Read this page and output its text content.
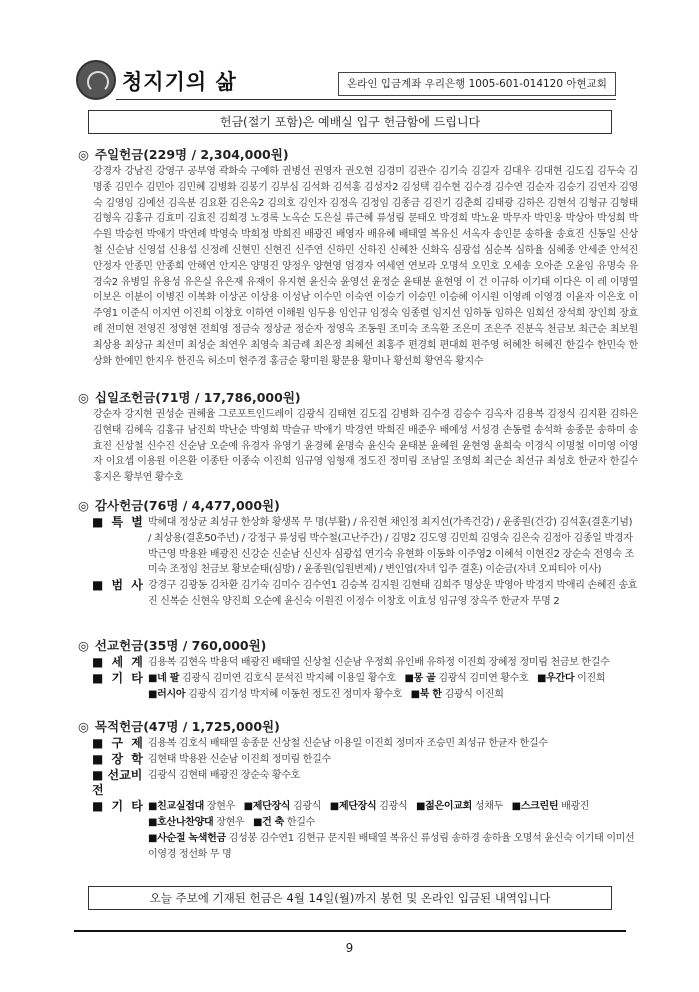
청지기의 삶	온라인 입금계좌 우리은행 1005-601-014120 아현교회
헌금(절기 포함)은 예배실 입구 헌금함에 드립니다
◎ 주일헌금(229명 / 2,304,000원)
강경자 강남진 강영구 공부영 곽화숙 구예하 권병선 권영자 권오현 김경미 김관수 김기숙 김길자 김대우 김대현 김도집 김두숙 김명종 김민수 김민아 김민혜 김병화 김봉기 김부심 김석화 김석홍 김성자2 김성택 김수현 김수경 김수연 김순자 김승기 김연자 김영숙 김영임 김예선 김옥분 김요환 김은옥2 김의호 김인자 김정옥 김정임 김종금 김진기 김춘희 김태광 김하은 김현석 김형규 김형태 김형옥 김홍규 김효미 김효진 김희경 노경록 노옥순 도은실 류근혜 류성림 문태오 박경희 박노윤 박무자 박민웅 박상아 박성희 박수원 박승헌 박애기 박연례 박영숙 박희정 박희진 배광진 배영자 배유혜 배태열 복유신 서옥자 송인문 송하율 송효진 신동일 신상철 신순남 신영섭 신용섭 신정례 신현민 신현진 신주연 신하민 신하진 신혜찬 신화옥 심광섭 심순복 심하율 심혜종 안세준 안석진 안정자 안종민 안종희 안해연 안지은 양명진 양정우 양현영 엄경자 여세연 연보라 오명석 오민호 오세송 오아준 오윤임 유명숙 유경숙2 유병일 유용성 유은실 유은재 유재이 유지현 윤신숙 윤영선 윤정순 윤태분 윤현영 이 건 이규하 이기태 이다은 이 레 이명열 이보은 이분이 이병진 이복화 이상곤 이상용 이성남 이수민 이숙연 이승기 이승민 이승혜 이시원 이영례 이영경 이윤자 이은호 이주영1 이준식 이지연 이진희 이창호 이하연 이해원 임두용 임인규 임정숙 임종렬 임지선 임하동 임하은 임희선 장석희 장인희 장효례 전미현 전영진 정영현 전희영 정금숙 정상균 정순자 정영옥 조동원 조미숙 조옥환 조은미 조은주 진분옥 천금보 최근순 최보원 최상용 최상규 최선미 최성순 최연우 최영숙 최금례 최은정 최혜선 최홍주 편경희 편대희 편주영 허혜찬 허혜진 한길수 한민숙 한상화 한예민 한지우 한진옥 허소미 현주경 홍금순 황미원 황문용 황미나 황선희 황연옥 황지수
◎ 십일조헌금(71명 / 17,786,000원)
강순자 강지현 권성순 권혜율 그로포트인드레이 김광식 김태현 김도집 김병화 김수경 김승수 김옥자 김용복 김정식 김지환 김하은 김현태 김혜옥 김홍규 남진희 박난순 박영희 박슬규 박애기 박경연 박희진 배준우 배예성 서성경 손동렬 송석화 송종문 송하미 송효진 신상철 신수진 신순남 오순예 유경자 유영기 윤경혜 윤명숙 윤신숙 윤태분 윤혜원 윤현영 윤희숙 이경식 이명철 이미영 이영자 이요셉 이용원 이은환 이종탄 이종숙 이진희 임규영 임형재 정도진 정미림 조남일 조영희 최근순 최선규 최성호 한균자 한길수 홍지은 황부연 황수호
◎ 감사헌금(76명 / 4,477,000원)
■ 특 별 박혜대 정상균 최성규 한상화 황생목 무 명(부활) / 유진현 채인정 최지선(가족건강) / 윤종원(건강) 김석훈(결혼기념) / 최상용(결혼50주년) / 강정구 류성림 박수철(고난주간) / 김명2 김도영 김민희 김영숙 김은숙 김정아 김종일 박경자 박근영 박용완 배광진 신강순 신순남 신신자 심광섭 연기숙 유현화 이동화 이주영2 이혜석 이현진2 장순숙 전영숙 조미숙 조정임 천금보 황보순태(심방) / 윤종원(입원변제) / 변인엽(자녀 입주 결혼) 이순금(자녀 오피티아 이사)
■ 범 사 강경구 김광동 김차환 김기숙 김미수 김수연1 김승복 김지원 김현태 김희주 명상운 박영아 박경지 박애리 손혜진 송효진 신복순 신현옥 양진희 오순예 윤신숙 이원진 이정수 이창호 이효성 임규영 장옥주 한균자 무명 2
◎ 선교헌금(35명 / 760,000원)
■ 세 계 김용복 김현옥 박용덕 배광진 배태열 신상철 신순남 우정희 유인배 유하정 이진희 장혜정 정미림 천금보 한길수
■ 기 타 ■네 팔 김광식 김미연 김호식 문석진 박지혜 이용일 황수호 ■몽 골 김광식 김미연 황수호 ■우간다 이진희
■러시아 김광식 김기성 박지혜 이동헌 정도진 정미자 황수호 ■북 한 김광식 이진희
◎ 목적헌금(47명 / 1,725,000원)
■ 구 제 김용복 김호식 배태열 송종문 신상철 신순남 이용일 이진희 정미자 조승민 최성규 한균자 한길수
■ 장 학 김현태 박용완 신순남 이진희 정미림 한길수
■ 선교비전
김광식 김현태 배광진 장순숙 황수호
■ 기 타 ■친교실접대 장현우 ■제단장식 김광식 ■제단장식 김광식 ■젊은이교회 성채두 ■스크린틴 배광진
■호산나찬양대 장현우 ■건 축 한길수
■사순절 녹색헌금 김성봉 김수연1 김현규 문지원 배태열 복유신 류성림 송하경 송하율 오명석 윤신숙 이기태 이미선 이영경 정선화 무 명
오늘 주보에 기재된 헌금은 4월 14일(월)까지 봉헌 및 온라인 입금된 내역입니다
9
